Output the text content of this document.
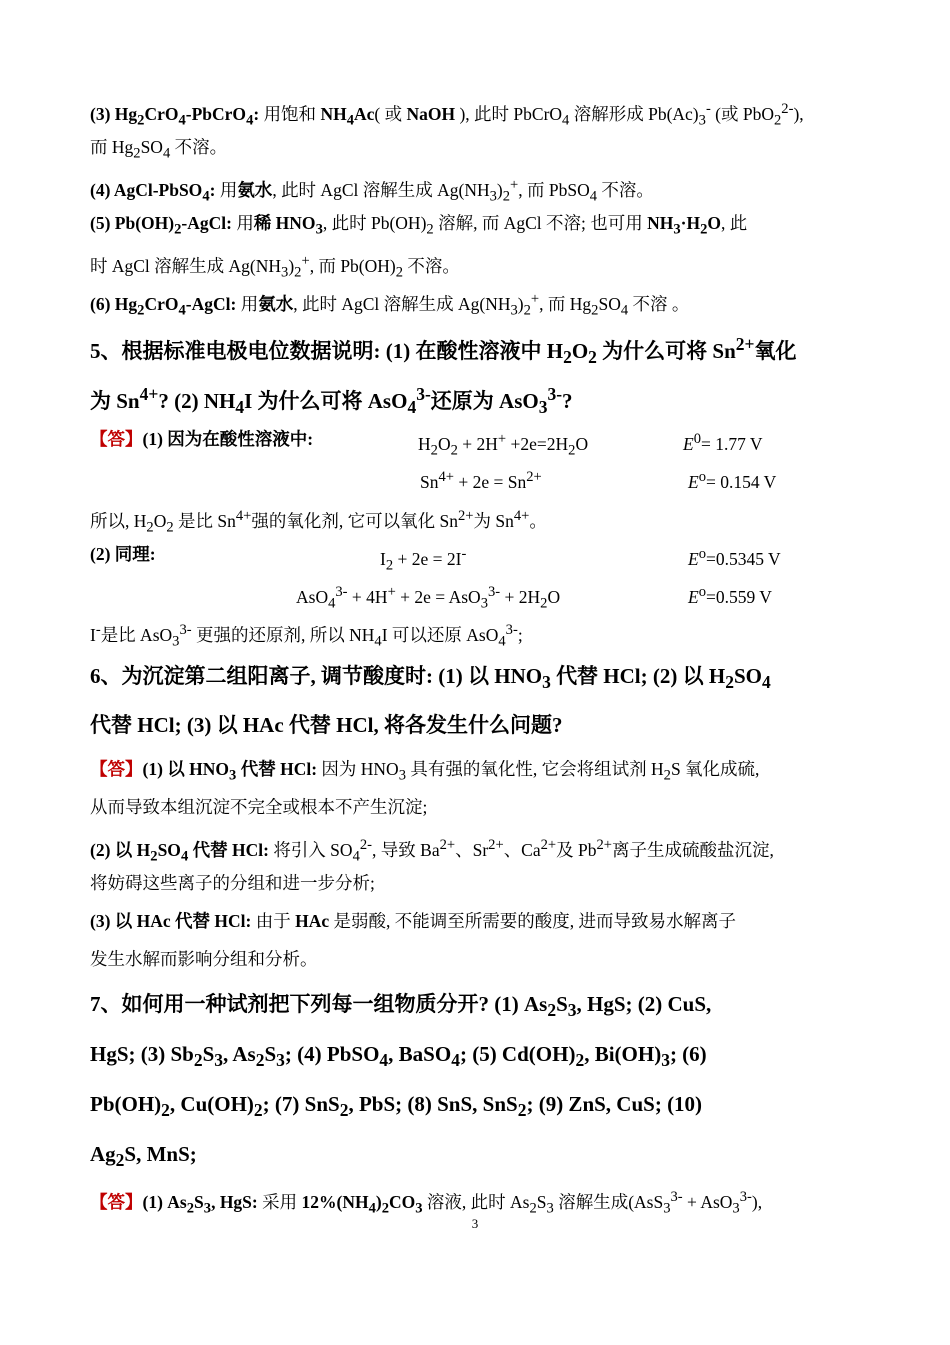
(3) $Hg_2CrO_4-PbCrO_4$: 用饱和 $NH_4Ac$( 或 NaOH ), 此时 PbCrO$_4$ 溶解形成 $Pb(Ac)_3^-$ (或 PbO$_2^{2-}$),
而 $Hg_2SO_4$ 不溶。
(4) AgCl-PbSO$_4$: 用氨水, 此时 AgCl 溶解生成 $Ag(NH_3)_2^+$, 而 PbSO$_4$ 不溶。
(5) $Pb(OH)_2$-AgCl: 用稀 $HNO_3$, 此时 $Pb(OH)_2$ 溶解, 而 AgCl 不溶; 也可用 $NH_3\cdot H_2O$, 此
时 AgCl 溶解生成 $Ag(NH_3)_2^+$, 而 $Pb(OH)_2$ 不溶。
(6) $Hg_2CrO_4$-AgCl: 用氨水, 此时 AgCl 溶解生成 $Ag(NH_3)_2^+$, 而 $Hg_2SO_4$ 不溶 。
5、根据标准电极电位数据说明: (1) 在酸性溶液中 $H_2O_2$ 为什么可将 $Sn^{2+}$氧化
为 $Sn^{4+}$? (2) $NH_4I$ 为什么可将 AsO$_4^{3-}$还原为 AsO$_3^{3-}$?
【答】(1) 因为在酸性溶液中:	$H_2O_2 + 2H^+ +2e=2H_2O$	$E^0= 1.77$ V
$Sn^{4+} + 2e = Sn^{2+}$	$E^o= 0.154$ V
所以, $H_2O_2$ 是比 $Sn^{4+}$强的氧化剂, 它可以氧化 $Sn^{2+}$为 $Sn^{4+}$。
(2) 同理:	$I_2 + 2e = 2I^-$	$E^o=0.5345$ V
$AsO_4^{3-} + 4H^+ + 2e = AsO_3^{3-} + 2H_2O$	$E^o=0.559$ V
I-是比 AsO$_3^{3-}$ 更强的还原剂, 所以 $NH_4I$ 可以还原 AsO$_4^{3-}$;
6、为沉淀第二组阳离子, 调节酸度时: (1) 以 $HNO_3$ 代替 HCl; (2) 以 $H_2SO_4$
代替 HCl; (3) 以 HAc 代替 HCl, 将各发生什么问题?
【答】(1) 以 $HNO_3$ 代替 HCl: 因为 $HNO_3$ 具有强的氧化性, 它会将组试剂 $H_2S$ 氧化成硫,
从而导致本组沉淀不完全或根本不产生沉淀;
(2) 以 $H_2SO_4$ 代替 HCl: 将引入 $SO_4^{2-}$, 导致 $Ba^{2+}$、$Sr^{2+}$、$Ca^{2+}$及 $Pb^{2+}$离子生成硫酸盐沉淀,
将妨碍这些离子的分组和进一步分析;
(3) 以 HAc 代替 HCl: 由于 HAc 是弱酸, 不能调至所需要的酸度, 进而导致易水解离子
发生水解而影响分组和分析。
7、如何用一种试剂把下列每一组物质分开? (1) $As_2S_3$, HgS; (2) CuS,
HgS; (3) $Sb_2S_3$, $As_2S_3$; (4) PbSO$_4$, BaSO$_4$; (5) $Cd(OH)_2$, $Bi(OH)_3$; (6)
$Pb(OH)_2$, $Cu(OH)_2$; (7) SnS$_2$, PbS; (8) SnS, SnS$_2$; (9) ZnS, CuS; (10)
$Ag_2S$, MnS;
【答】(1) $As_2S_3$, HgS: 采用 $12\%(NH_4)_2CO_3$ 溶液, 此时 $As_2S_3$ 溶解生成(AsS$_3^{3-}$ + AsO$_3^{3-}$),
3
